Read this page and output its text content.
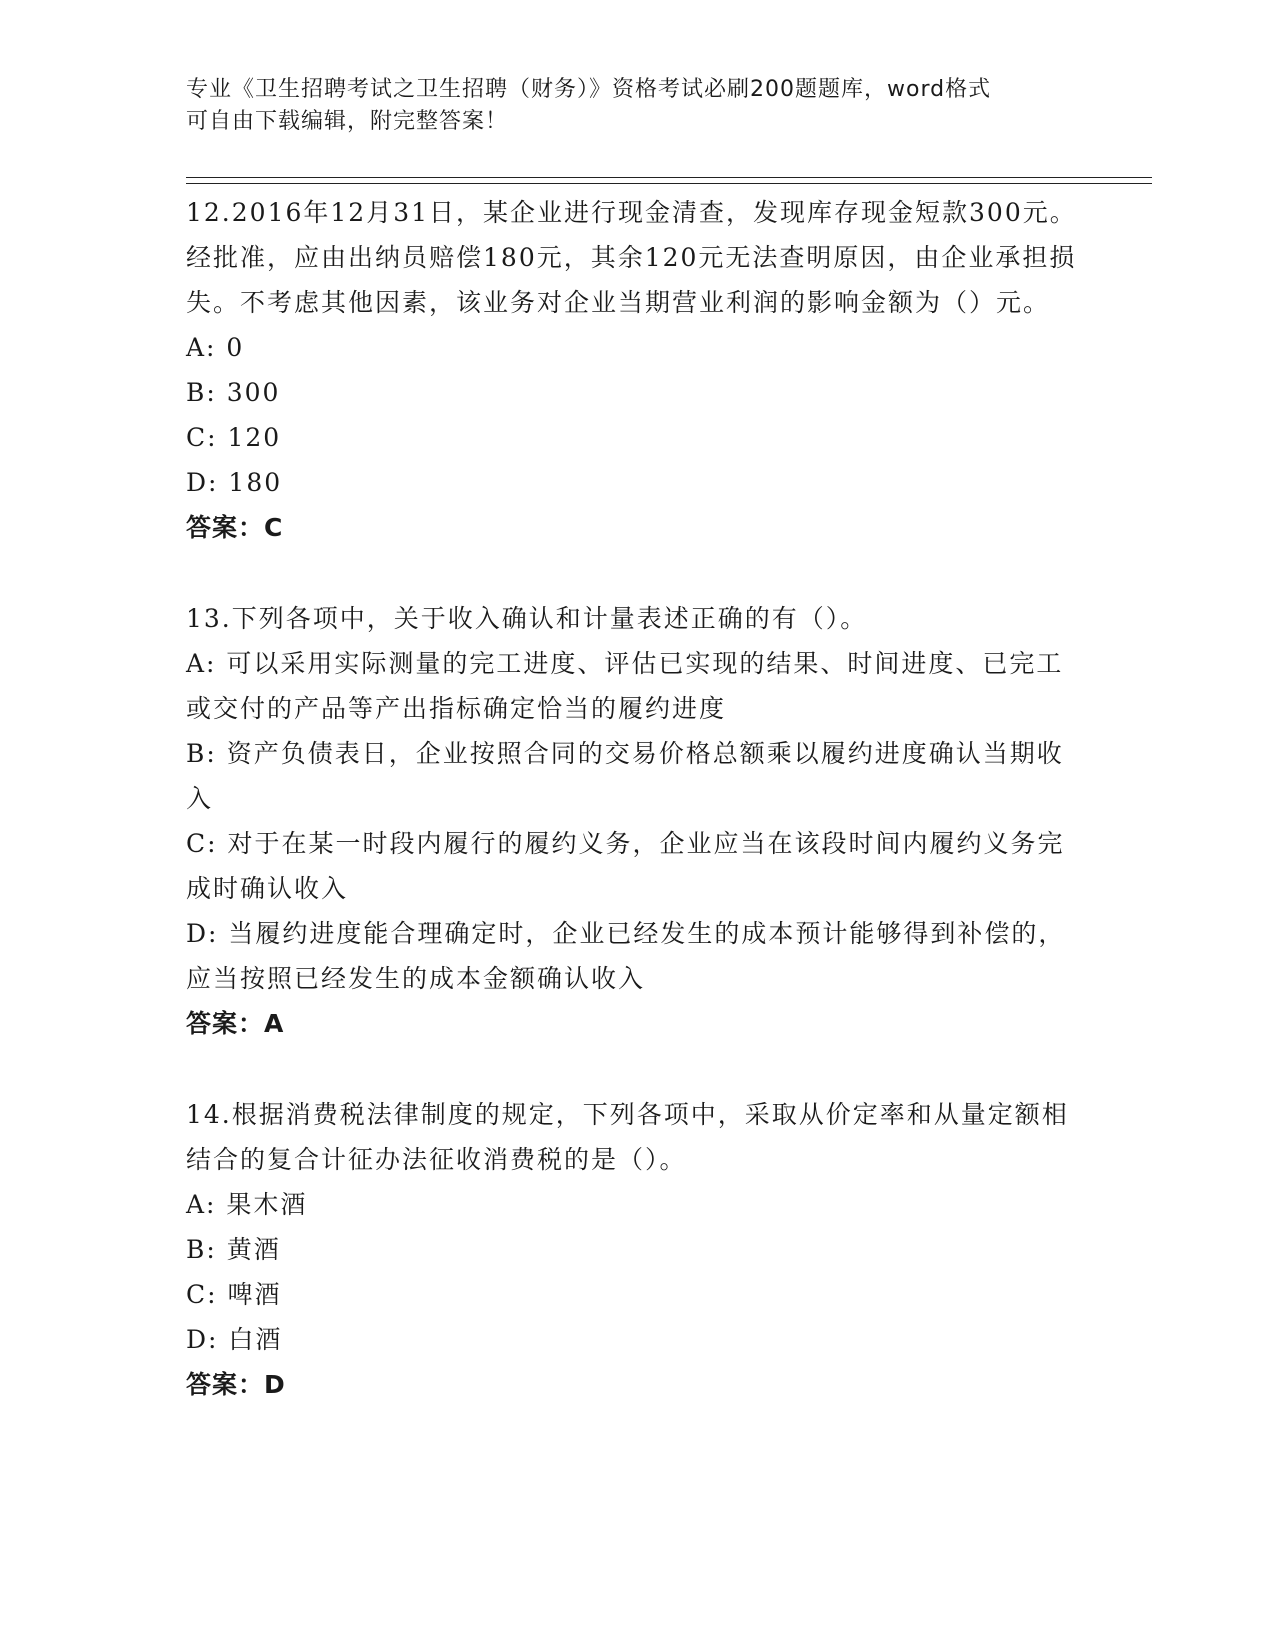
专业《卫生招聘考试之卫生招聘（财务）》资格考试必刷200题题库，word格式
可自由下载编辑，附完整答案！
12.2016年12月31日，某企业进行现金清查，发现库存现金短款300元。经批准，应由出纳员赔偿180元，其余120元无法查明原因，由企业承担损失。不考虑其他因素，该业务对企业当期营业利润的影响金额为（）元。
A: 0
B: 300
C: 120
D: 180
答案：C
13.下列各项中，关于收入确认和计量表述正确的有（）。
A: 可以采用实际测量的完工进度、评估已实现的结果、时间进度、已完工或交付的产品等产出指标确定恰当的履约进度
B: 资产负债表日，企业按照合同的交易价格总额乘以履约进度确认当期收入
C: 对于在某一时段内履行的履约义务，企业应当在该段时间内履约义务完成时确认收入
D: 当履约进度能合理确定时，企业已经发生的成本预计能够得到补偿的，应当按照已经发生的成本金额确认收入
答案：A
14.根据消费税法律制度的规定，下列各项中，采取从价定率和从量定额相结合的复合计征办法征收消费税的是（）。
A: 果木酒
B: 黄酒
C: 啤酒
D: 白酒
答案：D
